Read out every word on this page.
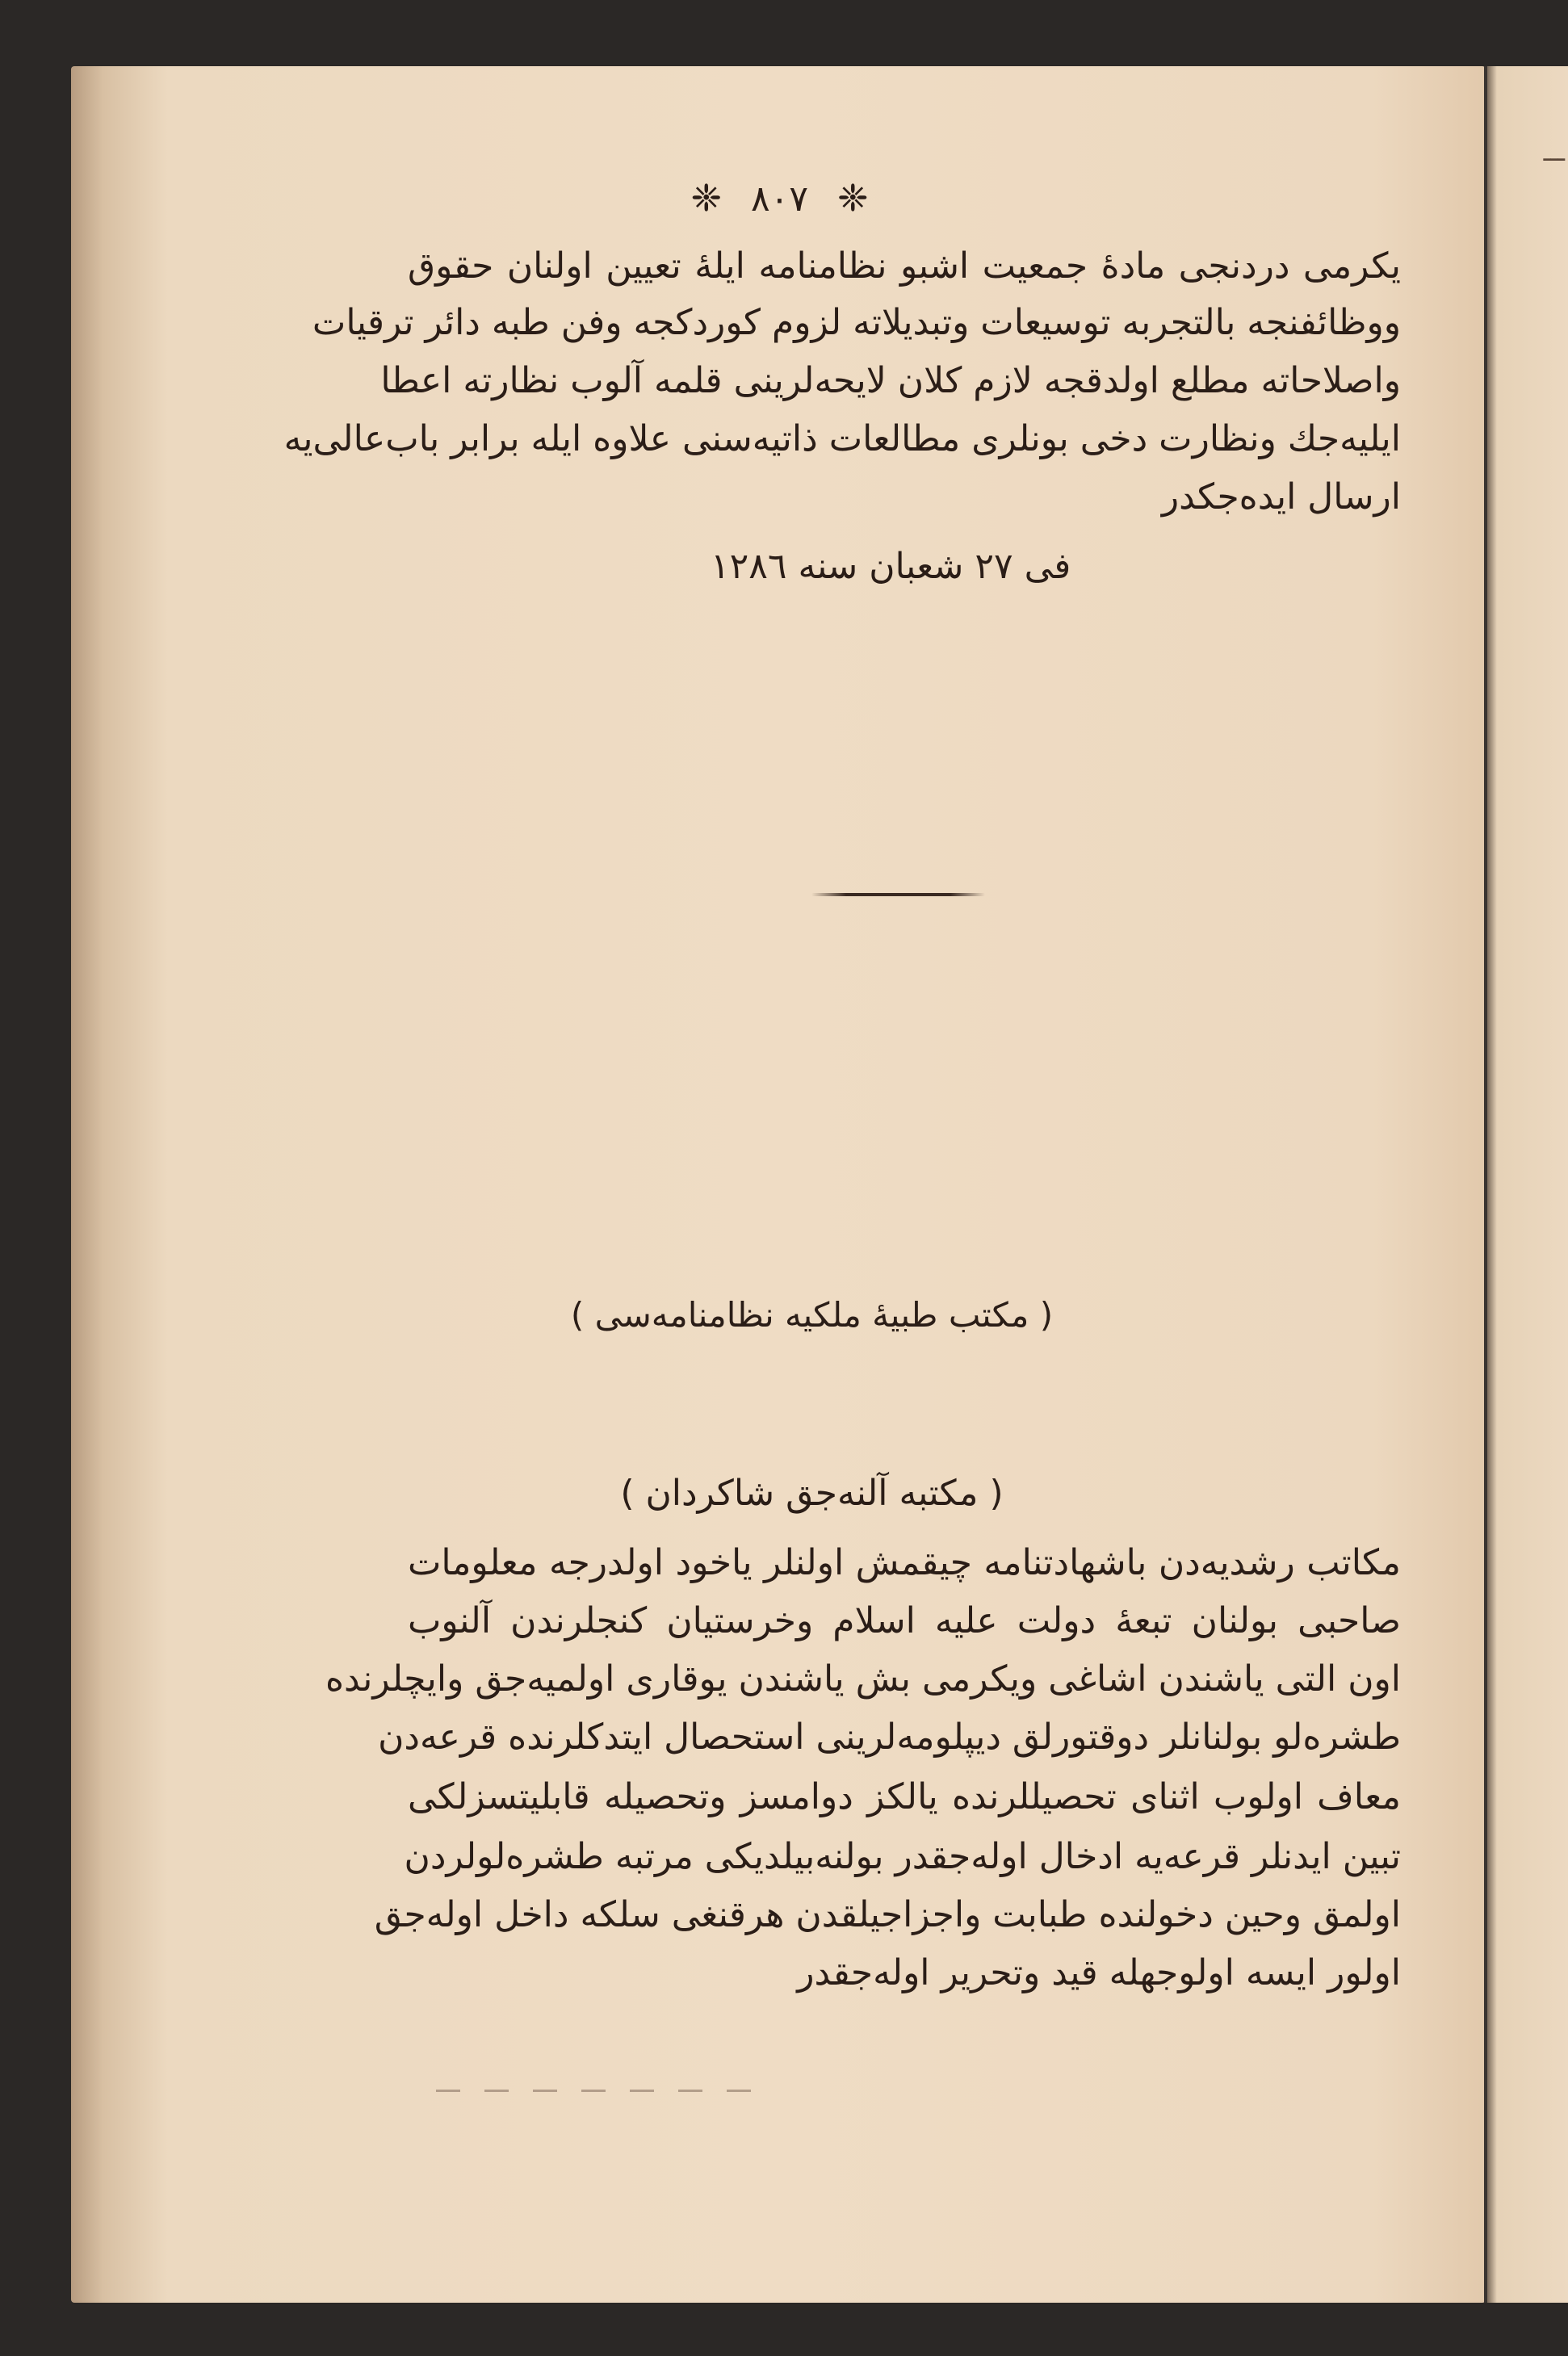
ـــ
❈ ٨٠٧ ❈
یکرمی دردنجی مادهٔ جمعیت اشبو نظامنامه ایلهٔ تعیین اولنان حقوق
ووظائفنجه بالتجربه توسیعات وتبدیلاته لزوم کوردکجه وفن طبه دائر ترقیات
واصلاحاته مطلع اولدقجه لازم کلان لایحه‌لرینی قلمه آلوب نظارته اعطا
ایلیه‌جك ونظارت دخی بونلری مطالعات ذاتیه‌سنی علاوه ایله برابر باب‌عالی‌یه
ارسال ایده‌جکدر
فی ٢٧ شعبان سنه ١٢٨٦
( مکتب طبیهٔ ملکیه نظامنامه‌سی )
( مکتبه آلنه‌جق شاکردان )
مکاتب رشدیه‌دن باشهادتنامه چیقمش اولنلر یاخود اولدرجه معلومات
صاحبی بولنان تبعهٔ دولت علیه اسلام وخرستیان کنجلرندن آلنوب
اون التی یاشندن اشاغی ویکرمی بش یاشندن یوقاری اولمیه‌جق وایچلرنده
طشره‌لو بولنانلر دوقتورلق دیپلومه‌لرینی استحصال ایتدکلرنده قرعه‌دن
معاف اولوب اثنای تحصیللرنده یالکز دوامسز وتحصیله قابلیتسزلکی
تبین ایدنلر قرعه‌یه ادخال اوله‌جقدر بولنه‌بیلدیکی مرتبه طشره‌لولردن
اولمق وحین دخولنده طبابت واجزاجیلقدن هرقنغی سلکه داخل اوله‌جق
اولور ایسه اولوجهله قید وتحریر اوله‌جقدر
